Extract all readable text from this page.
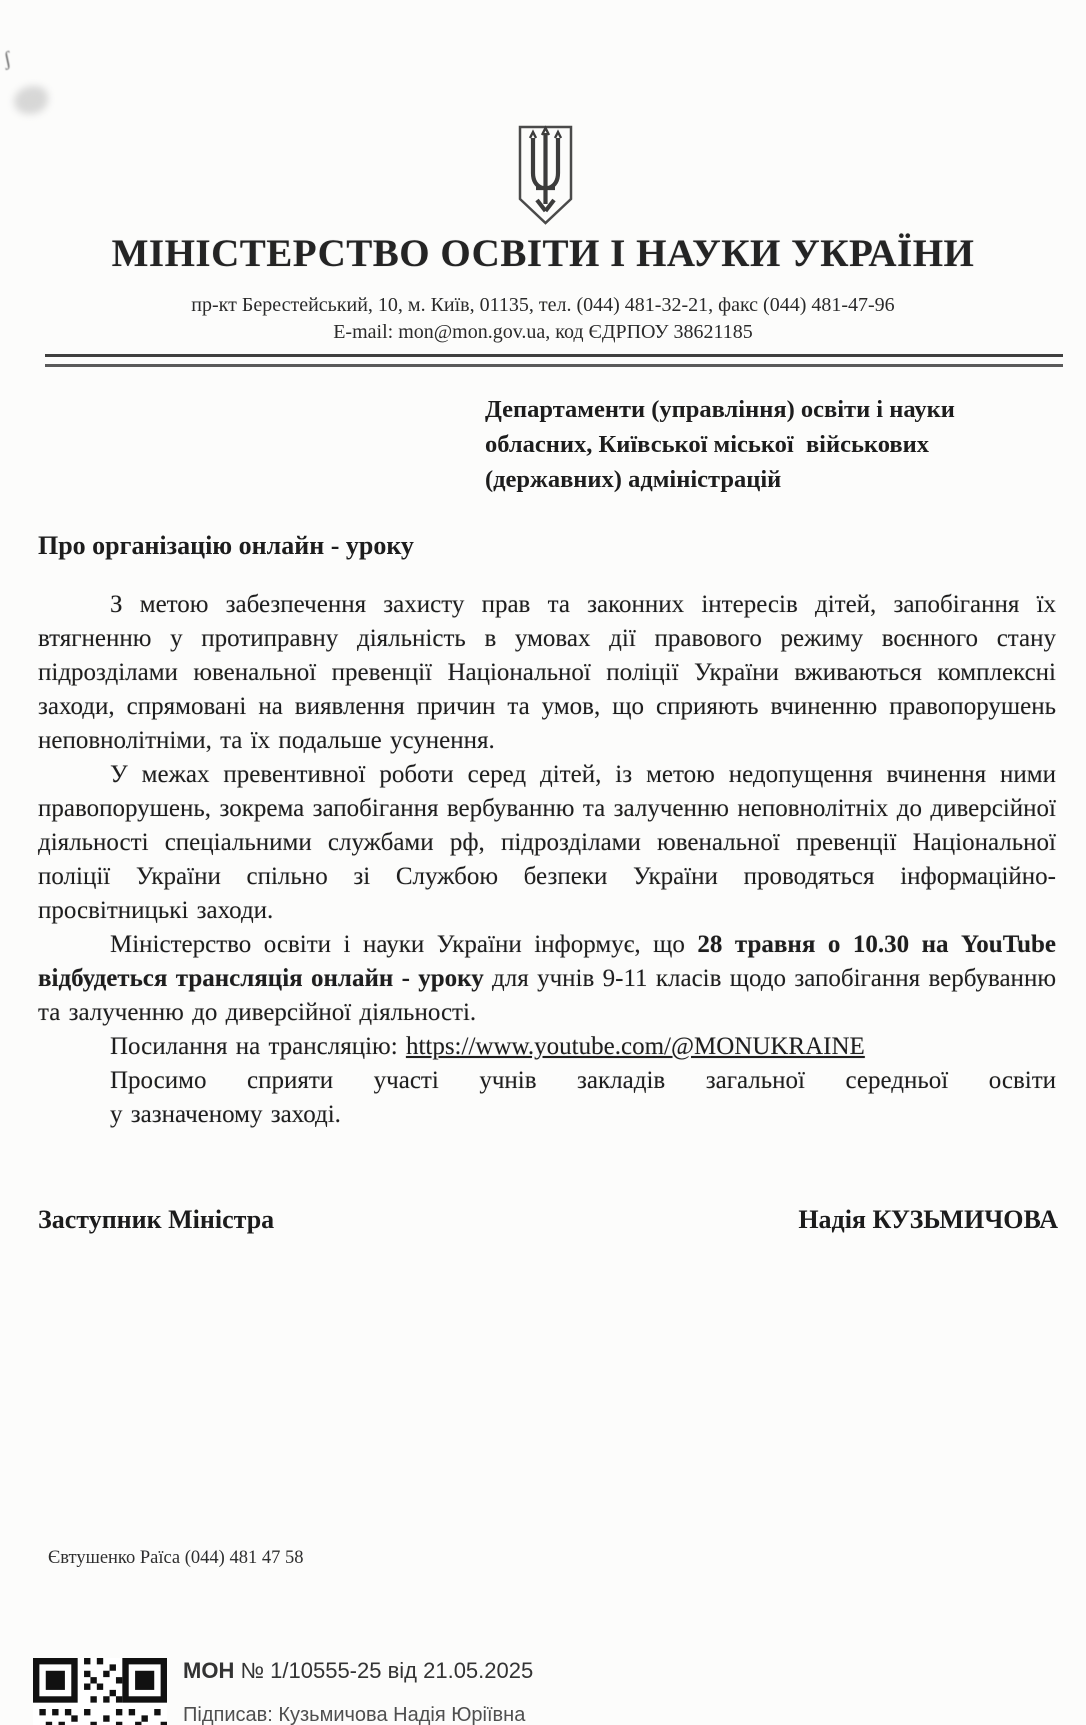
ʃ
МІНІСТЕРСТВО ОСВІТИ І НАУКИ УКРАЇНИ
пр-кт Берестейський, 10, м. Київ, 01135, тел. (044) 481-32-21, факс (044) 481-47-96
E-mail: mon@mon.gov.ua, код ЄДРПОУ 38621185
Департаменти (управління) освіти і науки
обласних, Київської міської  військових
(державних) адміністрацій
Про організацію онлайн - уроку

З метою забезпечення захисту прав та законних інтересів дітей, запобігання їх втягненню у протиправну діяльність в умовах дії правового режиму воєнного стану підрозділами ювенальної превенції Національної поліції України вживаються комплексні заходи, спрямовані на виявлення причин та умов, що сприяють вчиненню правопорушень неповнолітніми, та їх подальше усунення.

У межах превентивної роботи серед дітей, із метою недопущення вчинення ними правопорушень, зокрема запобігання вербуванню та залученню неповнолітніх до диверсійної діяльності спеціальними службами рф, підрозділами ювенальної превенції Національної поліції України спільно зі Службою безпеки України проводяться інформаційно-просвітницькі заходи.

Міністерство освіти і науки України інформує, що 28 травня о 10.30 на YouTube відбудеться трансляція онлайн - уроку для учнів 9-11 класів щодо запобігання вербуванню та залученню до диверсійної діяльності.

Посилання на трансляцію: https://www.youtube.com/@MONUKRAINE

Просимо сприяти участі учнів закладів загальної середньої освіти
у зазначеному заході.

Заступник Міністра	Надія КУЗЬМИЧОВА
Євтушенко Раїса (044) 481 47 58
МОН № 1/10555-25 від 21.05.2025
Підписав: Кузьмичова Надія Юріївна
